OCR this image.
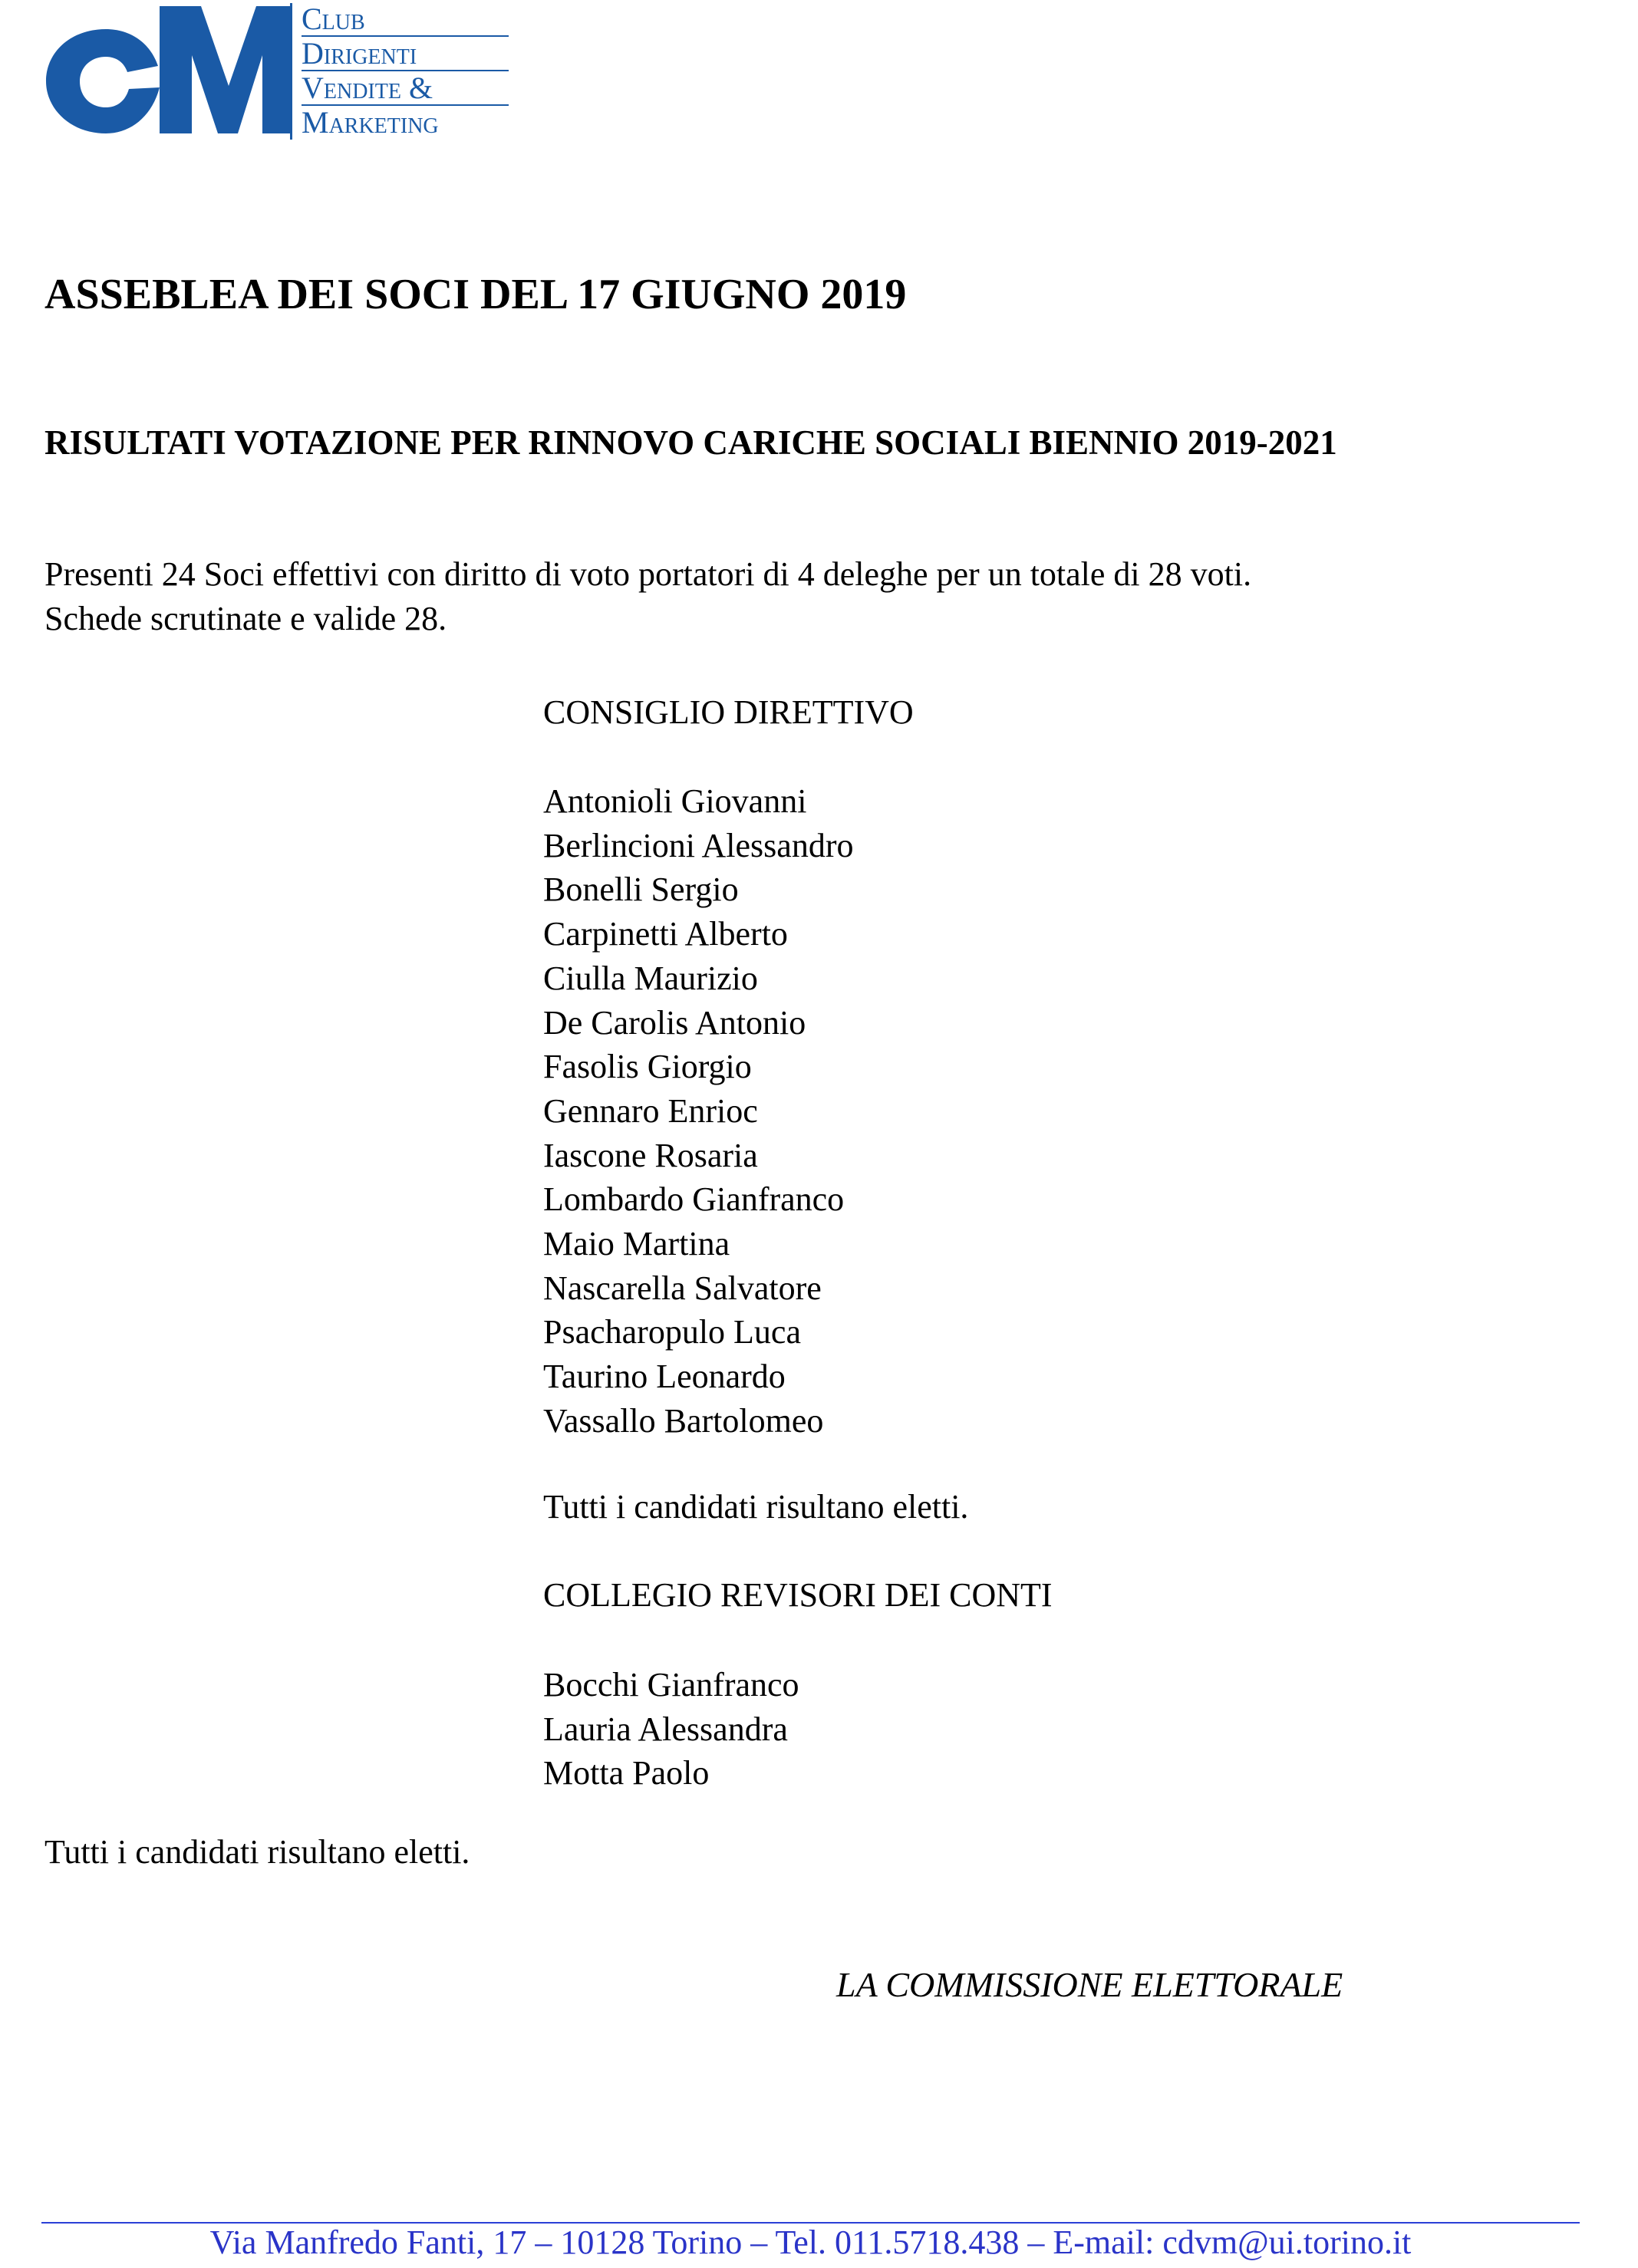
Club
Dirigenti
Vendite &
Marketing
ASSEBLEA DEI SOCI DEL 17 GIUGNO 2019
RISULTATI VOTAZIONE PER RINNOVO CARICHE SOCIALI BIENNIO 2019-2021
Presenti 24 Soci effettivi con diritto di voto portatori di 4 deleghe per un totale di 28 voti.
Schede scrutinate e valide 28.
CONSIGLIO DIRETTIVO
Antonioli Giovanni
Berlincioni Alessandro
Bonelli Sergio
Carpinetti Alberto
Ciulla Maurizio
De Carolis Antonio
Fasolis Giorgio
Gennaro Enrioc
Iascone Rosaria
Lombardo Gianfranco
Maio Martina
Nascarella Salvatore
Psacharopulo Luca
Taurino Leonardo
Vassallo Bartolomeo
Tutti i candidati risultano eletti.
COLLEGIO REVISORI DEI CONTI
Bocchi Gianfranco
Lauria Alessandra
Motta Paolo
Tutti i candidati risultano eletti.
LA COMMISSIONE ELETTORALE
Via Manfredo Fanti, 17 – 10128 Torino – Tel. 011.5718.438 – E-mail: cdvm@ui.torino.it
